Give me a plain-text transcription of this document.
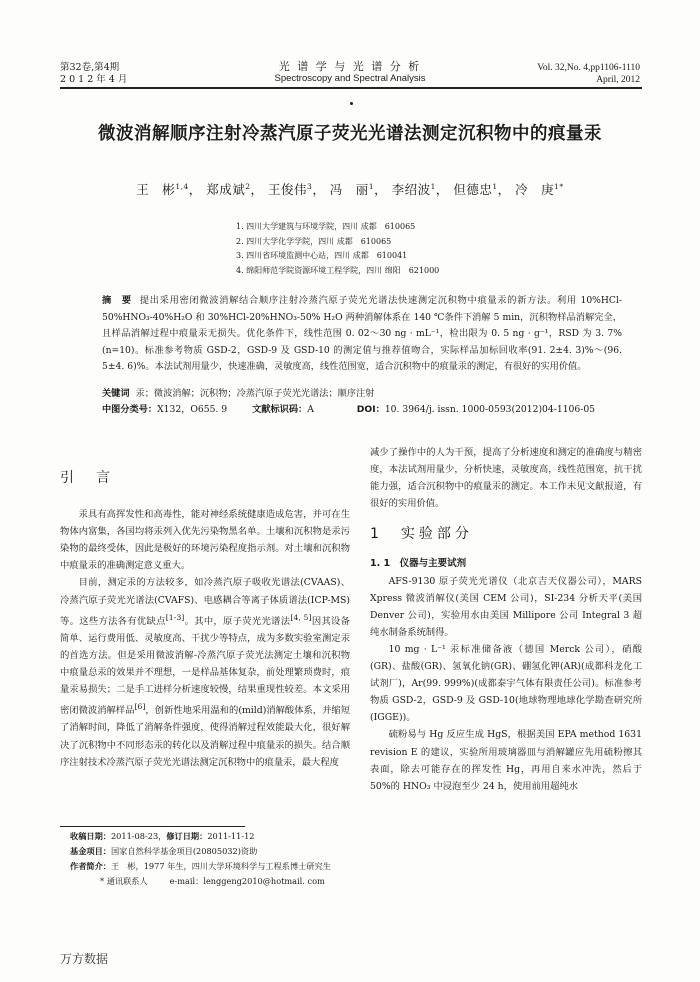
第32卷,第4期
2 0 1 2 年 4 月
光 谱 学 与 光 谱 分 析
Spectroscopy and Spectral Analysis
Vol. 32,No. 4,pp1106-1110
April, 2012
微波消解顺序注射冷蒸汽原子荧光光谱法测定沉积物中的痕量汞
王　彬$^{1,4}$， 郑成斌$^2$， 王俊伟$^3$， 冯　丽$^1$， 李绍波$^1$， 但德忠$^1$， 冷　庚$^{1*}$
1. 四川大学建筑与环境学院，四川 成都　610065
2. 四川大学化学学院，四川 成都　610065
3. 四川省环境监测中心站，四川 成都　610041
4. 绵阳师范学院资源环境工程学院，四川 绵阳　621000
摘　要 提出采用密闭微波消解结合顺序注射冷蒸汽原子荧光光谱法快速测定沉积物中痕量汞的新方法。利用 10%HCl-50%HNO₃-40%H₂O 和 30%HCl-20%HNO₃-50% H₂O 两种消解体系在 140 ℃条件下消解 5 min，沉积物样品消解完全，且样品消解过程中痕量汞无损失。优化条件下，线性范围 0. 02～30 ng · mL⁻¹，检出限为 0. 5 ng · g⁻¹，RSD 为 3. 7%(n=10)。标准参考物质 GSD-2，GSD-9 及 GSD-10 的测定值与推荐值吻合，实际样品加标回收率(91. 2±4. 3)%～(96. 5±4. 6)%。本法试剂用量少，快速准确，灵敏度高，线性范围宽，适合沉积物中的痕量汞的测定，有很好的实用价值。
关键词 汞；微波消解；沉积物；冷蒸汽原子荧光光谱法；顺序注射
中图分类号：X132，O655. 9	文献标识码：A	DOI：10. 3964/j. issn. 1000-0593(2012)04-1106-05
引　言

汞具有高挥发性和高毒性，能对神经系统健康造成危害，并可在生物体内富集，各国均将汞列入优先污染物黑名单。土壤和沉积物是汞污染物的最终受体，因此是极好的环境污染程度指示剂。对土壤和沉积物中痕量汞的准确测定意义重大。

目前，测定汞的方法较多，如冷蒸汽原子吸收光谱法(CVAAS)、冷蒸汽原子荧光光谱法(CVAFS)、电感耦合等离子体质谱法(ICP-MS)等。这些方法各有优缺点[1-3]。其中，原子荧光光谱法[4, 5]因其设备简单、运行费用低、灵敏度高、干扰少等特点，成为多数实验室测定汞的首选方法。但是采用微波消解-冷蒸汽原子荧光法测定土壤和沉积物中痕量总汞的效果并不理想，一是样品基体复杂，前处理繁琐费时，痕量汞易损失；二是手工进样分析速度较慢，结果重现性较差。本文采用密闭微波消解样品[6]，创新性地采用温和的(mild)消解酸体系，并缩短了消解时间，降低了消解条件强度，使得消解过程效能最大化，很好解决了沉积物中不同形态汞的转化以及消解过程中痕量汞的损失。结合顺序注射技术冷蒸汽原子荧光光谱法测定沉积物中的痕量汞，最大程度

减少了操作中的人为干预，提高了分析速度和测定的准确度与精密度，本法试剂用量少，分析快速，灵敏度高，线性范围宽，抗干扰能力强，适合沉积物中的痕量汞的测定。本工作未见文献报道，有很好的实用价值。

1　实验部分
1. 1　仪器与主要试剂

AFS-9130 原子荧光光谱仪（北京吉天仪器公司），MARS Xpress 微波消解仪(美国 CEM 公司)，SI-234 分析天平(美国 Denver 公司)，实验用水由美国 Millipore 公司 Integral 3 超纯水制备系统制得。

10 mg · L⁻¹ 汞标准储备液（德国 Merck 公司），硝酸(GR)、盐酸(GR)、氢氧化钠(GR)、硼氢化钾(AR)(成都科龙化工试剂厂)，Ar(99. 999%)(成都泰宇气体有限责任公司)。标准参考物质 GSD-2，GSD-9 及 GSD-10(地球物理地球化学勘查研究所(IGGE))。

硫粉易与 Hg 反应生成 HgS，根据美国 EPA method 1631 revision E 的建议，实验所用玻璃器皿与消解罐应先用硫粉擦其表面，除去可能存在的挥发性 Hg，再用自来水冲洗，然后于 50%的 HNO₃ 中浸泡至少 24 h，使用前用超纯水

收稿日期：2011-08-23，修订日期：2011-11-12
基金项目：国家自然科学基金项目(20805032)资助
作者简介：王　彬，1977 年生，四川大学环境科学与工程系博士研究生
* 通讯联系人	e-mail：lenggeng2010@hotmail. com
万方数据
